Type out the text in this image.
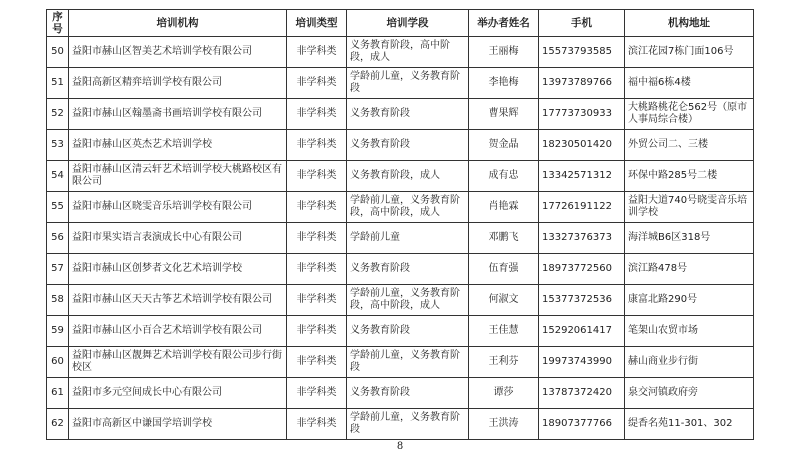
序号	培训机构	培训类型	培训学段	举办者姓名	手机	机构地址
50	益阳市赫山区智美艺术培训学校有限公司	非学科类	义务教育阶段，高中阶段，成人	王丽梅	15573793585	滨江花园7栋门面106号
51	益阳高新区精弈培训学校有限公司	非学科类	学龄前儿童，义务教育阶段	李艳梅	13973789766	福中福6栋4楼
52	益阳市赫山区翰墨斋书画培训学校有限公司	非学科类	义务教育阶段	曹果辉	17773730933	大桃路桃花仑562号（原市人事局综合楼）
53	益阳市赫山区英杰艺术培训学校	非学科类	义务教育阶段	贺金晶	18230501420	外贸公司二、三楼
54	益阳市赫山区清云轩艺术培训学校大桃路校区有限公司	非学科类	义务教育阶段，成人	成有忠	13342571312	环保中路285号二楼
55	益阳市赫山区晓雯音乐培训学校有限公司	非学科类	学龄前儿童，义务教育阶段，高中阶段，成人	肖艳霖	17726191122	益阳大道740号晓雯音乐培训学校
56	益阳市果实语言表演成长中心有限公司	非学科类	学龄前儿童	邓鹏飞	13327376373	海洋城B6区318号
57	益阳市赫山区创梦者文化艺术培训学校	非学科类	义务教育阶段	伍育强	18973772560	滨江路478号
58	益阳市赫山区天天古筝艺术培训学校有限公司	非学科类	学龄前儿童，义务教育阶段，高中阶段，成人	何淑文	15377372536	康富北路290号
59	益阳市赫山区小百合艺术培训学校有限公司	非学科类	义务教育阶段	王佳慧	15292061417	笔架山农贸市场
60	益阳市赫山区靓舞艺术培训学校有限公司步行街校区	非学科类	学龄前儿童，义务教育阶段	王利芬	19973743990	赫山商业步行街
61	益阳市多元空间成长中心有限公司	非学科类	义务教育阶段	谭莎	13787372420	泉交河镇政府旁
62	益阳市高新区中谦国学培训学校	非学科类	学龄前儿童，义务教育阶段	王洪涛	18907377766	缇香名苑11-301、302
8
